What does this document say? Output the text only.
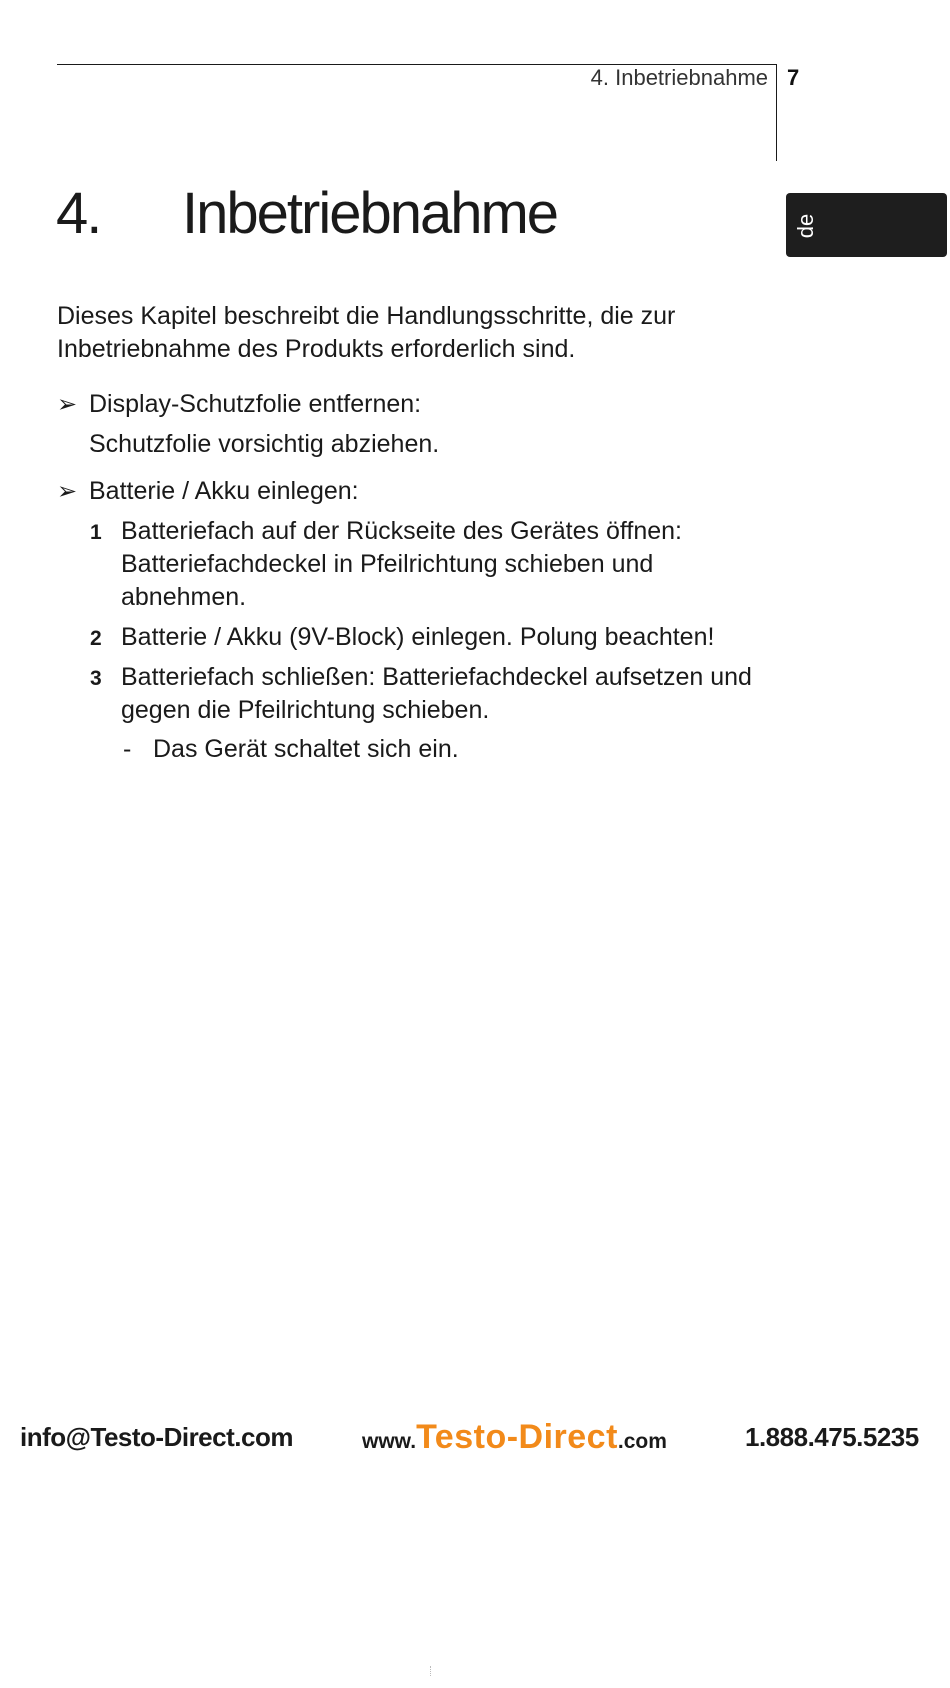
4. Inbetriebnahme 7
de
4. Inbetriebnahme

Dieses Kapitel beschreibt die Handlungsschritte, die zur Inbetriebnahme des Produkts erforderlich sind.

➢ Display-Schutzfolie entfernen:
Schutzfolie vorsichtig abziehen.
➢ Batterie / Akku einlegen:
1 Batteriefach auf der Rückseite des Gerätes öffnen: Batteriefachdeckel in Pfeilrichtung schieben und abnehmen.
2 Batterie / Akku (9V-Block) einlegen. Polung beachten!
3 Batteriefach schließen: Batteriefachdeckel aufsetzen und gegen die Pfeilrichtung schieben.
- Das Gerät schaltet sich ein.
info@Testo-Direct.com	www.Testo-Direct.com	1.888.475.5235
